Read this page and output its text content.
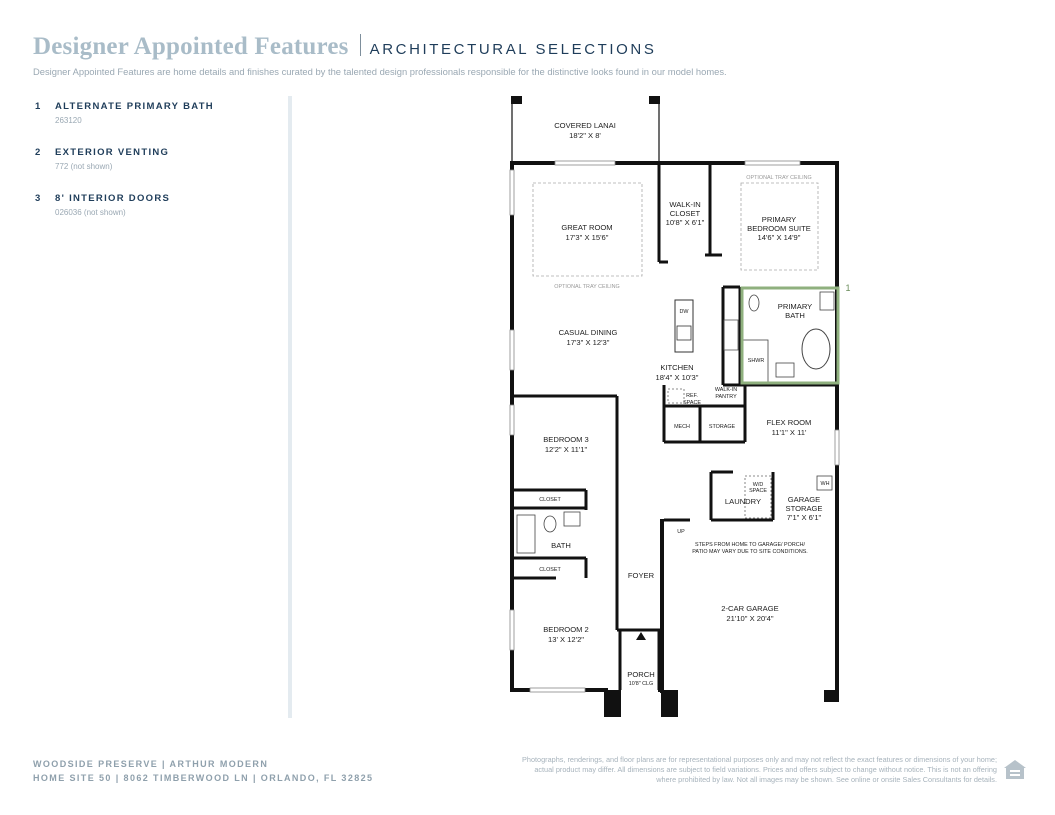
Designer Appointed Features ARCHITECTURAL SELECTIONS
Designer Appointed Features are home details and finishes curated by the talented design professionals responsible for the distinctive looks found in our model homes.
1 ALTERNATE PRIMARY BATH
263120
2 EXTERIOR VENTING
772 (not shown)
3 8' INTERIOR DOORS
026036 (not shown)
COVERED LANAI
18'2" X 8'
GREAT ROOM
17'3" X 15'6"
WALK-IN
CLOSET
10'8" X 6'1"	PRIMARY
BEDROOM SUITE
14'6" X 14'9"
CASUAL DINING
17'3" X 12'3"
PRIMARY
BATH
KITCHEN
18'4" X 10'3"
FLEX ROOM
11'1" X 11'
BEDROOM 3
12'2" X 11'1"
LAUNDRY	GARAGE
STORAGE
7'1" X 6'1"
BATH
FOYER
2-CAR GARAGE
21'10" X 20'4"
BEDROOM 2
13' X 12'2"
PORCH
OPTIONAL TRAY CEILING
OPTIONAL TRAY CEILING
DW
SHWR
REF.
SPACE
WALK-IN
PANTRY
MECH	STORAGE
CLOSET
W/D
SPACE
WH
UP
STEPS FROM HOME TO GARAGE/ PORCH/
PATIO MAY VARY DUE TO SITE CONDITIONS.
CLOSET
10'8" CLG
1
WOODSIDE PRESERVE | ARTHUR MODERN
HOME SITE 50 | 8062 TIMBERWOOD LN | ORLANDO, FL 32825
Photographs, renderings, and floor plans are for representational purposes only and may not reflect the exact features or dimensions of your home; actual product may differ. All dimensions are subject to field variations. Prices and offers subject to change without notice. This is not an offering where prohibited by law. Not all images may be shown. See online or onsite Sales Consultants for details.
